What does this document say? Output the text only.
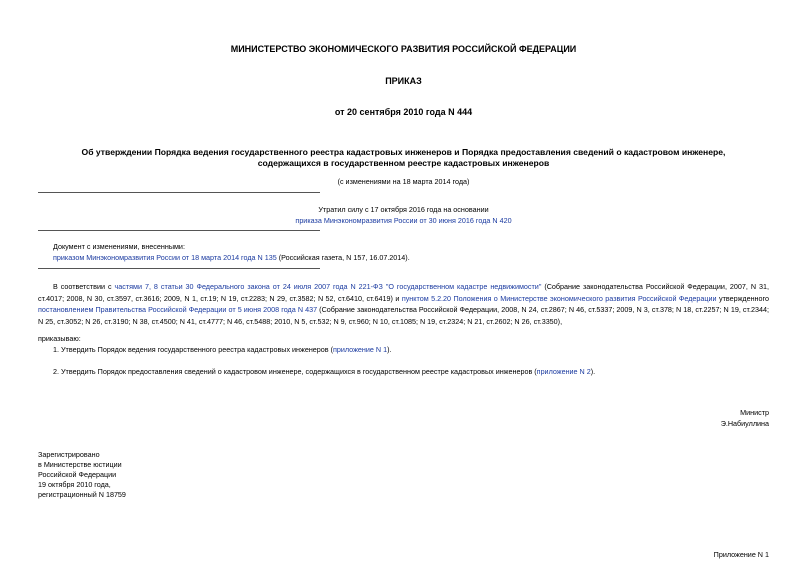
МИНИСТЕРСТВО ЭКОНОМИЧЕСКОГО РАЗВИТИЯ РОССИЙСКОЙ ФЕДЕРАЦИИ
ПРИКАЗ
от 20 сентября 2010 года N 444
Об утверждении Порядка ведения государственного реестра кадастровых инженеров и Порядка предоставления сведений о кадастровом инженере,
содержащихся в государственном реестре кадастровых инженеров
(с изменениями на 18 марта 2014 года)
Утратил силу с 17 октября 2016 года на основании
приказа Минэкономразвития России от 30 июня 2016 года N 420
Документ с изменениями, внесенными:
приказом Минэкономразвития России от 18 марта 2014 года N 135 (Российская газета, N 157, 16.07.2014).
В соответствии с частями 7, 8 статьи 30 Федерального закона от 24 июля 2007 года N 221-ФЗ "О государственном кадастре недвижимости" (Собрание законодательства Российской Федерации, 2007, N 31, ст.4017; 2008, N 30, ст.3597, ст.3616; 2009, N 1, ст.19; N 19, ст.2283; N 29, ст.3582; N 52, ст.6410, ст.6419) и пунктом 5.2.20 Положения о Министерстве экономического развития Российской Федерации утвержденного постановлением Правительства Российской Федерации от 5 июня 2008 года N 437 (Собрание законодательства Российской Федерации, 2008, N 24, ст.2867; N 46, ст.5337; 2009, N 3, ст.378; N 18, ст.2257; N 19, ст.2344; N 25, ст.3052; N 26, ст.3190; N 38, ст.4500; N 41, ст.4777; N 46, ст.5488; 2010, N 5, ст.532; N 9, ст.960; N 10, ст.1085; N 19, ст.2324; N 21, ст.2602; N 26, ст.3350),
приказываю:
1. Утвердить Порядок ведения государственного реестра кадастровых инженеров (приложение N 1).
2. Утвердить Порядок предоставления сведений о кадастровом инженере, содержащихся в государственном реестре кадастровых инженеров (приложение N 2).
Министр
Э.Набиуллина
Зарегистрировано
в Министерстве юстиции
Российской Федерации
19 октября 2010 года,
регистрационный N 18759
Приложение N 1
